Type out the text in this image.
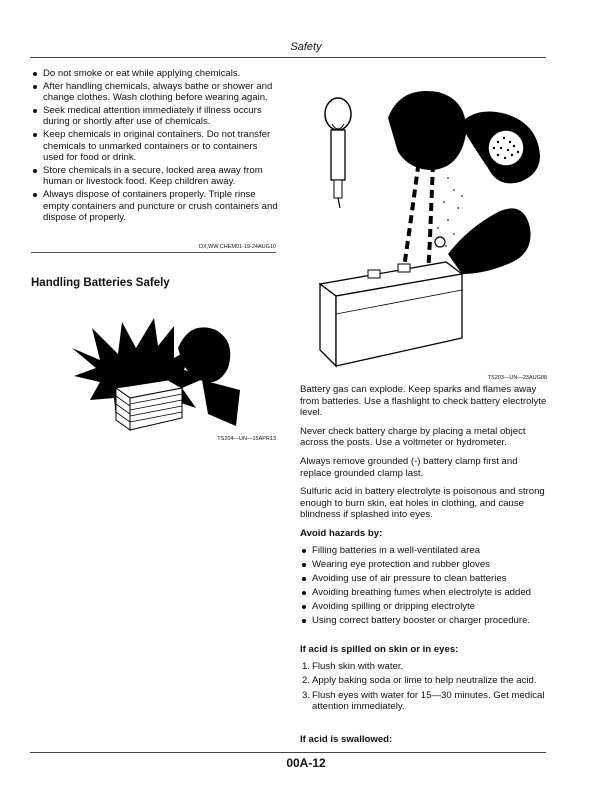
Safety
Do not smoke or eat while applying chemicals.
After handling chemicals, always bathe or shower and change clothes. Wash clothing before wearing again.
Seek medical attention immediately if illness occurs during or shortly after use of chemicals.
Keep chemicals in original containers. Do not transfer chemicals to unmarked containers or to containers used for food or drink.
Store chemicals in a secure, locked area away from human or livestock food. Keep children away.
Always dispose of containers properly. Triple rinse empty containers and puncture or crush containers and dispose of properly.
DX,WW,CHEM01-19-24AUG10
Handling Batteries Safely
TS204—UN—15APR13
TS203—UN—23AUG88

Battery gas can explode. Keep sparks and flames away from batteries. Use a flashlight to check battery electrolyte level.

Never check battery charge by placing a metal object across the posts. Use a voltmeter or hydrometer.

Always remove grounded (-) battery clamp first and replace grounded clamp last.

Sulfuric acid in battery electrolyte is poisonous and strong enough to burn skin, eat holes in clothing, and cause blindness if splashed into eyes.

Avoid hazards by:
Filling batteries in a well-ventilated area
Wearing eye protection and rubber gloves
Avoiding use of air pressure to clean batteries
Avoiding breathing fumes when electrolyte is added
Avoiding spilling or dripping electrolyte
Using correct battery booster or charger procedure.
If acid is spilled on skin or in eyes:
1. Flush skin with water.
2. Apply baking soda or lime to help neutralize the acid.
3. Flush eyes with water for 15—30 minutes. Get medical attention immediately.
If acid is swallowed:
00A-12
